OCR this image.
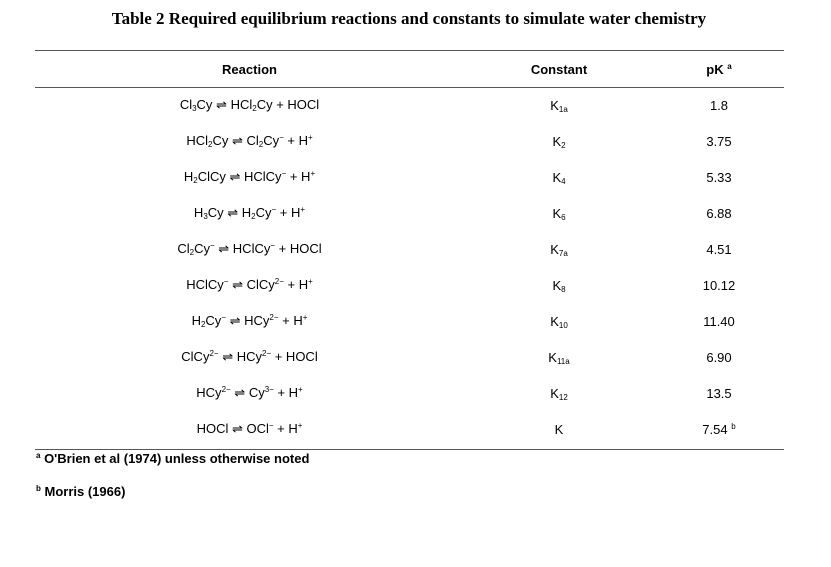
Table 2 Required equilibrium reactions and constants to simulate water chemistry
Reaction	Constant	pK $^a$
$Cl_3Cy$ ⇌ HCl$_2$Cy + HOCl	$K_{1a}$	1.8
HCl$_2$Cy ⇌ $Cl_2Cy^- + H^+$	$K_2$	3.75
$H_2ClCy$ ⇌ HClCy− + H+	$K_4$	5.33
$H_3Cy$ ⇌ $H_2Cy^- + H^+$	$K_6$	6.88
$Cl_2Cy^-$ ⇌ HClCy− + HOCl	$K_{7a}$	4.51
HClCy− ⇌ ClCy$^{2-}$ + H+	$K_8$	10.12
$H_2Cy^-$ ⇌ HCy$^{2-}$ + H+	$K_{10}$	11.40
ClCy$^{2-}$ ⇌ HCy$^{2-}$ + HOCl	$K_{11a}$	6.90
HCy$^{2-}$ ⇌ $Cy^{3-} + H^+$	$K_{12}$	13.5
HOCl ⇌ OCl− + H+	K	7.54 $^b$
$^a$ O'Brien et al (1974) unless otherwise noted
$^b$ Morris (1966)
